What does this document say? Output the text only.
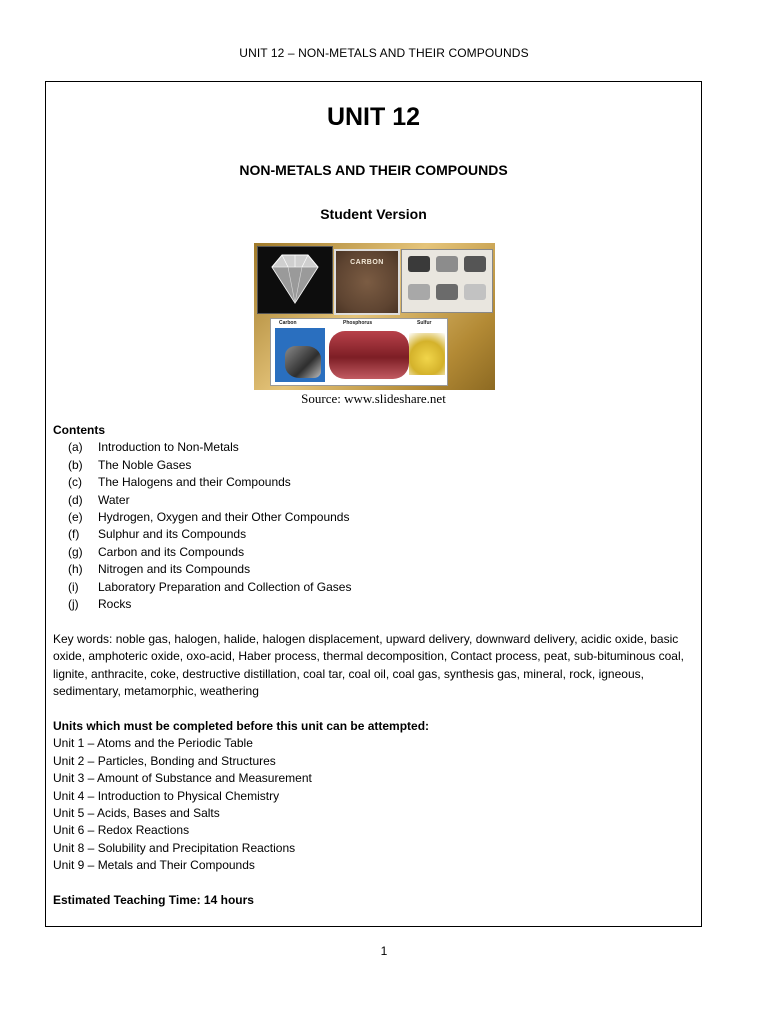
UNIT 12 – NON-METALS AND THEIR COMPOUNDS
UNIT 12
NON-METALS AND THEIR COMPOUNDS
Student Version
CARBON
Carbon	Phosphorus	Sulfur
Source: www.slideshare.net
Contents
(a)	Introduction to Non-Metals
(b)	The Noble Gases
(c)	The Halogens and their Compounds
(d)	Water
(e)	Hydrogen, Oxygen and their Other Compounds
(f)	Sulphur and its Compounds
(g)	Carbon and its Compounds
(h)	Nitrogen and its Compounds
(i)	Laboratory Preparation and Collection of Gases
(j)	Rocks
Key words: noble gas, halogen, halide, halogen displacement, upward delivery, downward delivery, acidic oxide, basic oxide, amphoteric oxide, oxo-acid, Haber process, thermal decomposition, Contact process, peat, sub-bituminous coal, lignite, anthracite, coke, destructive distillation, coal tar, coal oil, coal gas, synthesis gas, mineral, rock, igneous, sedimentary, metamorphic, weathering
Units which must be completed before this unit can be attempted:
Unit 1 – Atoms and the Periodic Table
Unit 2 – Particles, Bonding and Structures
Unit 3 – Amount of Substance and Measurement
Unit 4 – Introduction to Physical Chemistry
Unit 5 – Acids, Bases and Salts
Unit 6 – Redox Reactions
Unit 8 – Solubility and Precipitation Reactions
Unit 9 – Metals and Their Compounds
Estimated Teaching Time: 14 hours
1
